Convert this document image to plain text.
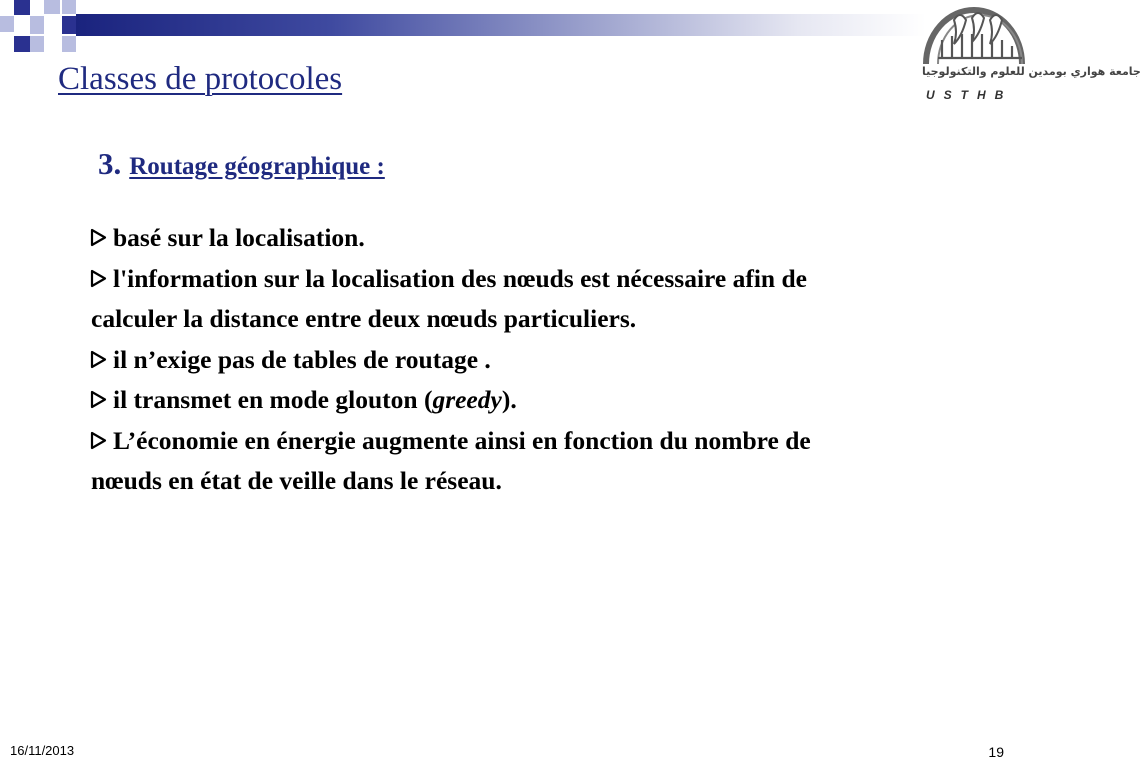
جامعة هواري بومدين للعلوم والتكنولوجيا
USTHB
Classes de protocoles
3. Routage géographique :
basé sur la localisation.
l'information sur la localisation des nœuds est nécessaire afin de calculer la distance entre deux nœuds particuliers.
il n’exige pas de tables de routage .
il transmet en mode glouton (greedy).
L’économie en énergie augmente ainsi en fonction du nombre de nœuds en état de veille dans le réseau.
16/11/2013	19
